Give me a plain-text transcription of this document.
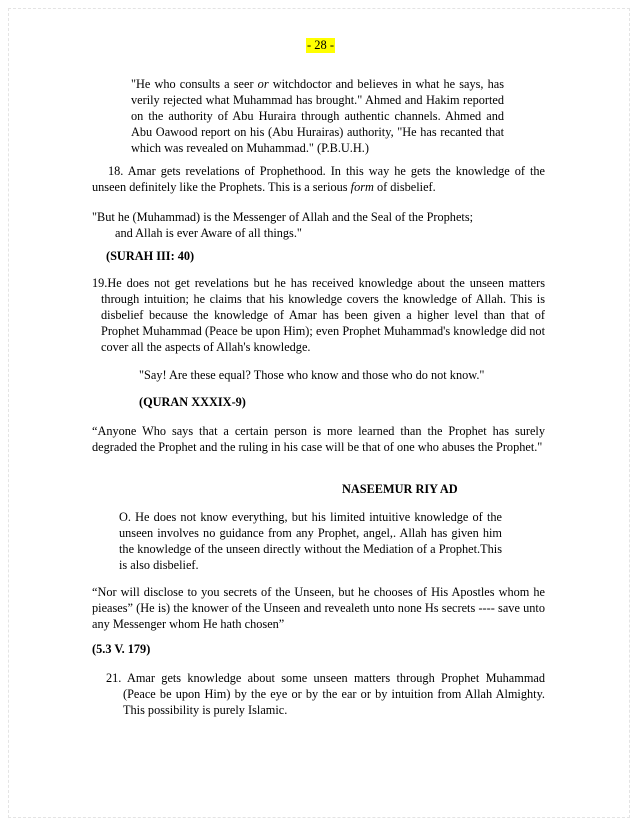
- 28 -

"He who consults a seer or witchdoctor and believes in what he says, has verily rejected what Muhammad has brought." Ahmed and Hakim reported on the authority of Abu Huraira through authentic channels. Ahmed and Abu Oawood report on his (Abu Hurairas) authority, "He has recanted that which was revealed on Muhammad." (P.B.U.H.)

18. Amar gets revelations of Prophethood. In this way he gets the knowledge of the unseen definitely like the Prophets. This is a serious form of disbelief.

"But he (Muhammad) is the Messenger of Allah and the Seal of the Prophets;

and Allah is ever Aware of all things."

(SURAH III: 40)

19.He does not get revelations but he has received knowledge about the unseen matters through intuition; he claims that his knowledge covers the knowledge of Allah. This is disbelief because the knowledge of Amar has been given a higher level than that of Prophet Muhammad (Peace be upon Him); even Prophet Muhammad's knowledge did not cover all the aspects of Allah's knowledge.

"Say! Are these equal? Those who know and those who do not know."
(QURAN XXXIX-9)
“Anyone Who says that a certain person is more learned than the Prophet has surely degraded the Prophet and the ruling in his case will be that of one who abuses the Prophet."
NASEEMUR RIY AD
O. He does not know everything, but his limited intuitive knowledge of the unseen involves no guidance from any Prophet, angel,. Allah has given him the knowledge of the unseen directly without the Mediation of a Prophet.This is also disbelief.
“Nor will disclose to you secrets of the Unseen, but he chooses of His Apostles whom he pieases” (He is) the knower of the Unseen and revealeth unto none Hs secrets ---- save unto any Messenger whom He hath chosen”
(5.3 V. 179)

21. Amar gets knowledge about some unseen matters through Prophet Muhammad (Peace be upon Him) by the eye or by the ear or by intuition from Allah Almighty. This possibility is purely Islamic.
